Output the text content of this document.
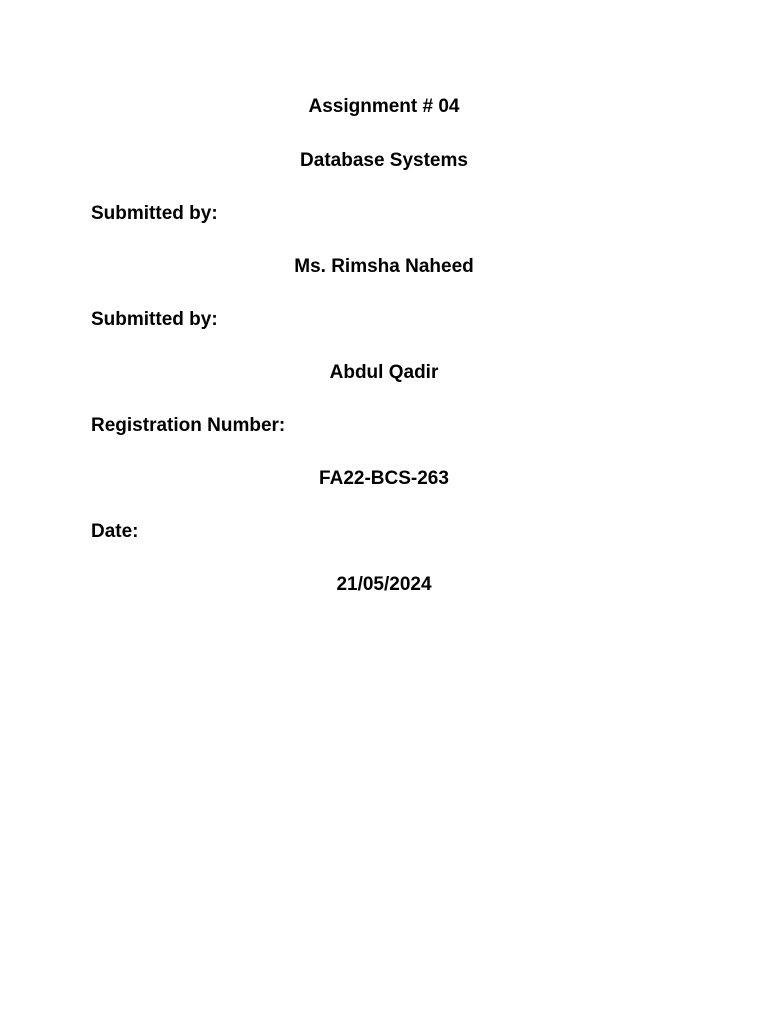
Assignment # 04
Database Systems
Submitted by:
Ms. Rimsha Naheed
Submitted by:
Abdul Qadir
Registration Number:
FA22-BCS-263
Date:
21/05/2024
